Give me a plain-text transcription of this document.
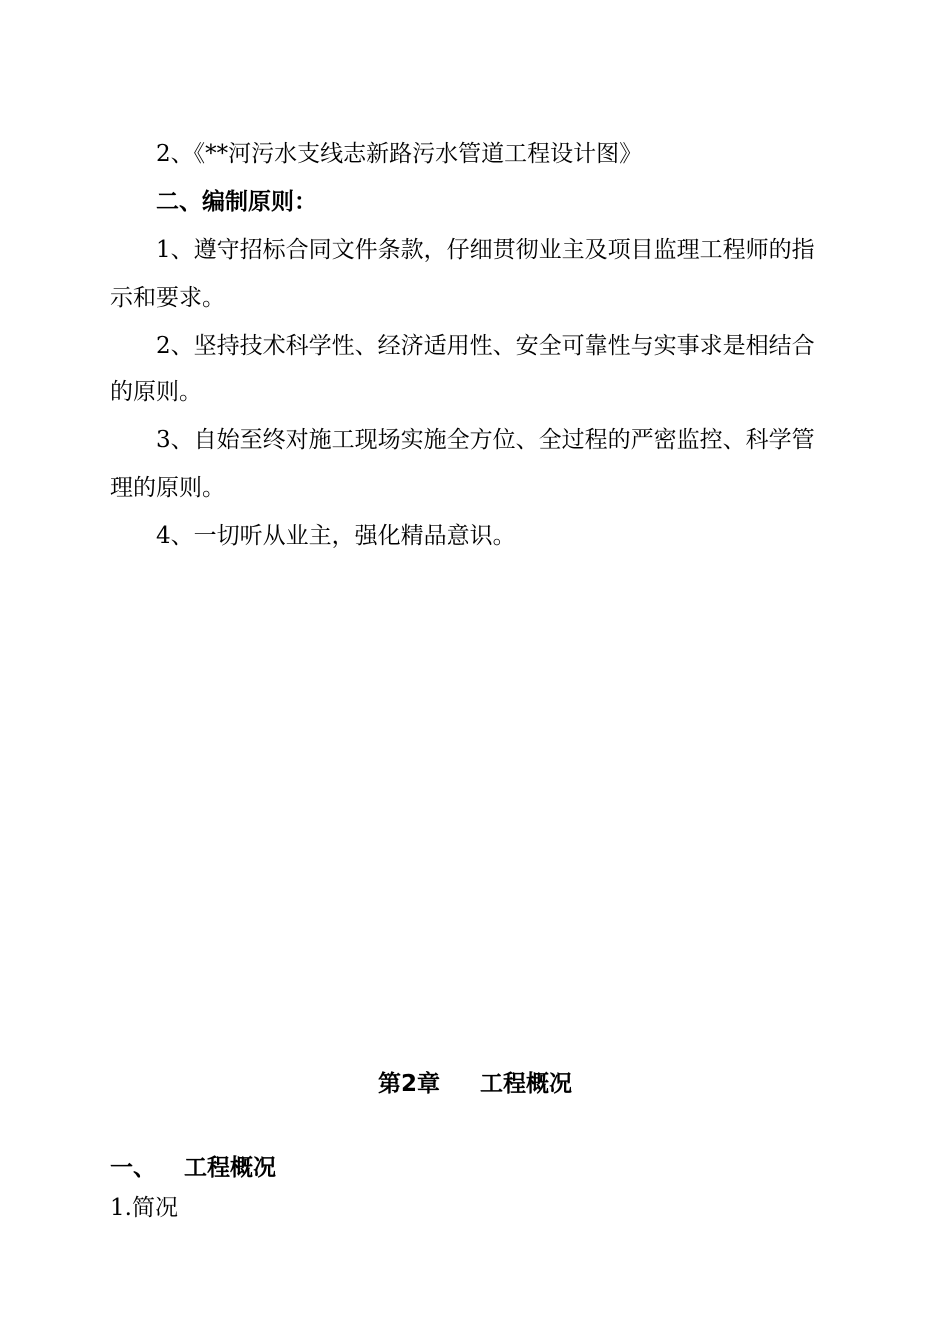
2、《**河污水支线志新路污水管道工程设计图》
二、编制原则：
1、遵守招标合同文件条款，仔细贯彻业主及项目监理工程师的指
示和要求。
2、坚持技术科学性、经济适用性、安全可靠性与实事求是相结合
的原则。
3、自始至终对施工现场实施全方位、全过程的严密监控、科学管
理的原则。
4、一切听从业主，强化精品意识。
第2章 工程概况
一、 工程概况
1.简况
